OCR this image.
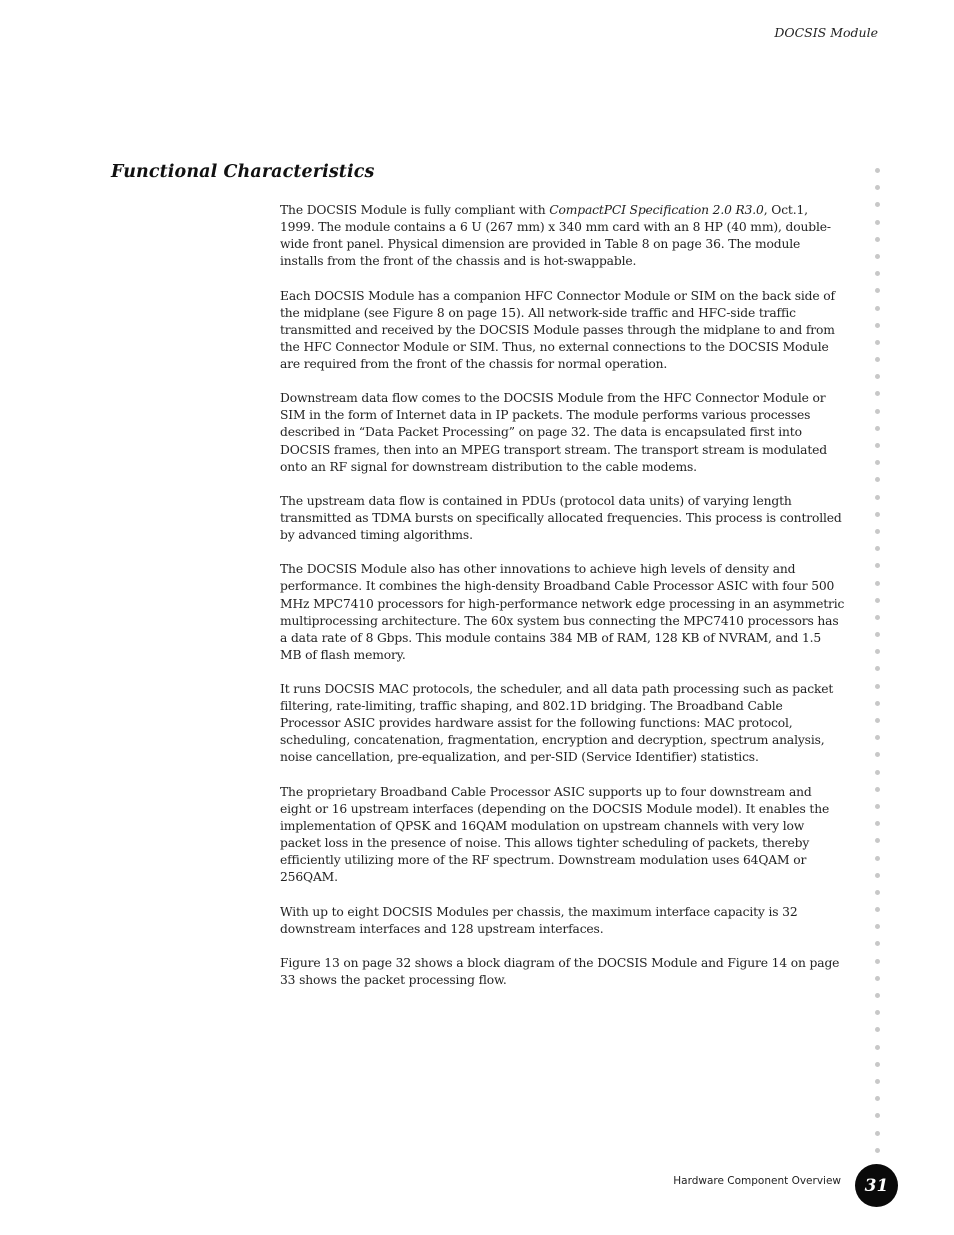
DOCSIS Module
Functional Characteristics

The DOCSIS Module is fully compliant with CompactPCI Specification 2.0 R3.0, Oct.1, 1999. The module contains a 6 U (267 mm) x 340 mm card with an 8 HP (40 mm), double-wide front panel. Physical dimension are provided in Table 8 on page 36. The module installs from the front of the chassis and is hot-swappable.

Each DOCSIS Module has a companion HFC Connector Module or SIM on the back side of the midplane (see Figure 8 on page 15). All network-side traffic and HFC-side traffic transmitted and received by the DOCSIS Module passes through the midplane to and from the HFC Connector Module or SIM. Thus, no external connections to the DOCSIS Module are required from the front of the chassis for normal operation.

Downstream data flow comes to the DOCSIS Module from the HFC Connector Module or SIM in the form of Internet data in IP packets. The module performs various processes described in “Data Packet Processing” on page 32. The data is encapsulated first into DOCSIS frames, then into an MPEG transport stream. The transport stream is modulated onto an RF signal for downstream distribution to the cable modems.

The upstream data flow is contained in PDUs (protocol data units) of varying length transmitted as TDMA bursts on specifically allocated frequencies. This process is controlled by advanced timing algorithms.

The DOCSIS Module also has other innovations to achieve high levels of density and performance. It combines the high-density Broadband Cable Processor ASIC with four 500 MHz MPC7410 processors for high-performance network edge processing in an asymmetric multiprocessing architecture. The 60x system bus connecting the MPC7410 processors has a data rate of 8 Gbps. This module contains 384 MB of RAM, 128 KB of NVRAM, and 1.5 MB of flash memory.

It runs DOCSIS MAC protocols, the scheduler, and all data path processing such as packet filtering, rate-limiting, traffic shaping, and 802.1D bridging. The Broadband Cable Processor ASIC provides hardware assist for the following functions: MAC protocol, scheduling, concatenation, fragmentation, encryption and decryption, spectrum analysis, noise cancellation, pre-equalization, and per-SID (Service Identifier) statistics.

The proprietary Broadband Cable Processor ASIC supports up to four downstream and eight or 16 upstream interfaces (depending on the DOCSIS Module model). It enables the implementation of QPSK and 16QAM modulation on upstream channels with very low packet loss in the presence of noise. This allows tighter scheduling of packets, thereby efficiently utilizing more of the RF spectrum. Downstream modulation uses 64QAM or 256QAM.

With up to eight DOCSIS Modules per chassis, the maximum interface capacity is 32 downstream interfaces and 128 upstream interfaces.

Figure 13 on page 32 shows a block diagram of the DOCSIS Module and Figure 14 on page 33 shows the packet processing flow.

Hardware Component Overview 31
